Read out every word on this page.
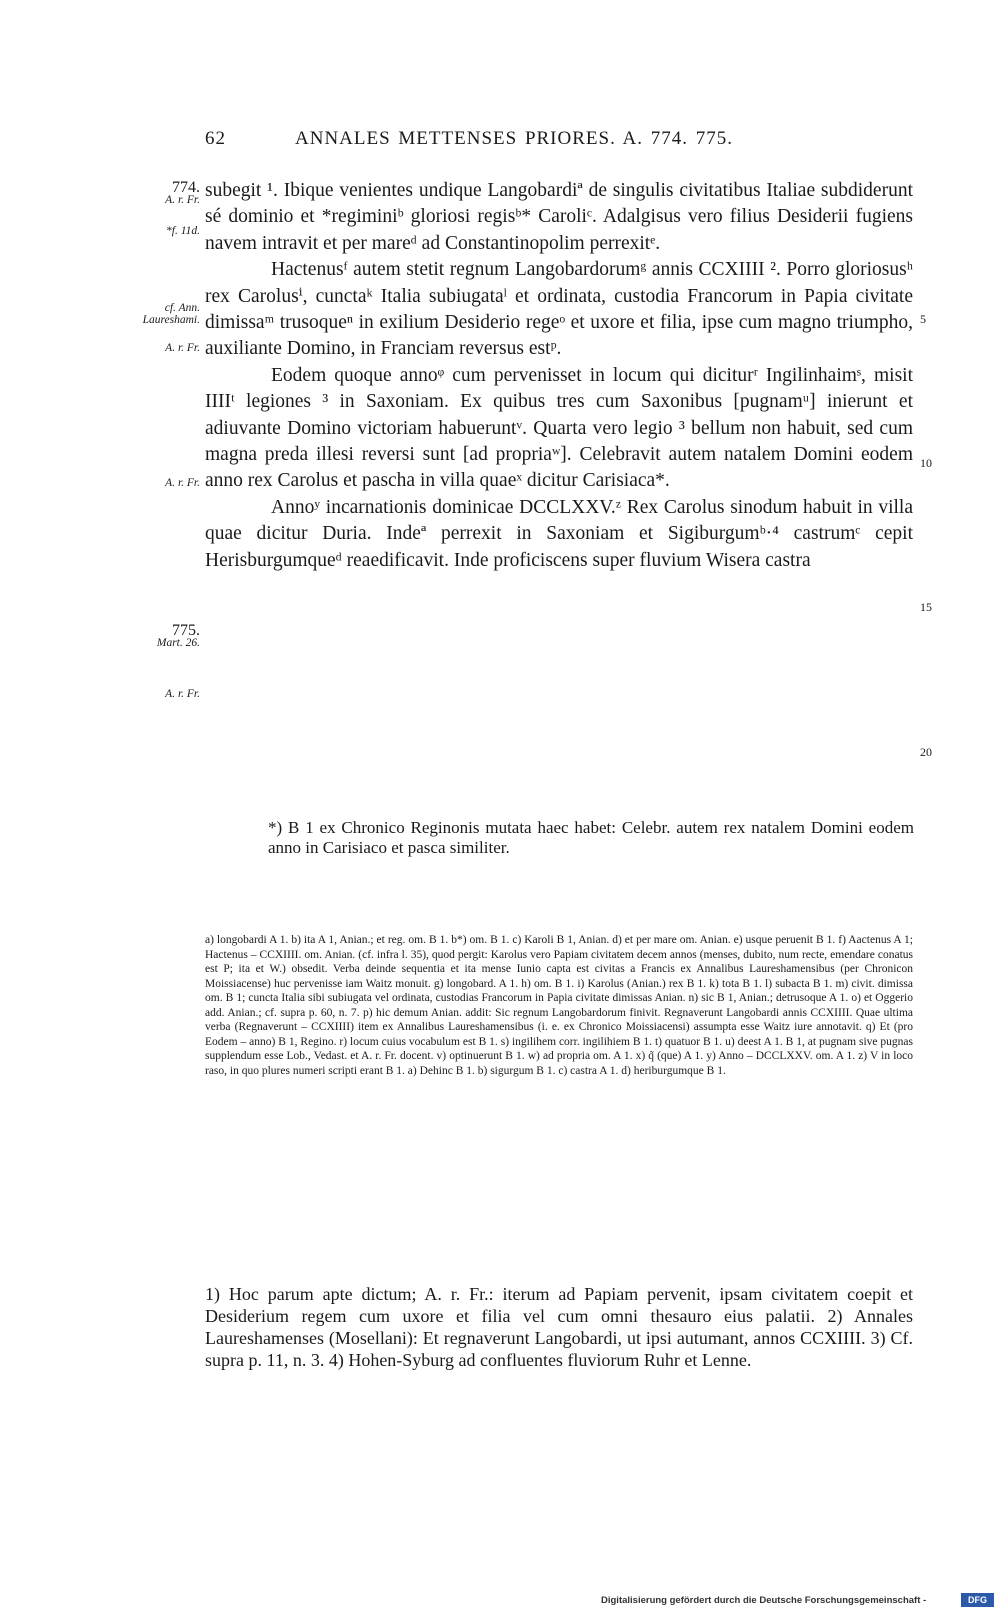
62	ANNALES METTENSES PRIORES. A. 774. 775.
774.
A. r. Fr.
*f. 11d.
cf. Ann. Laureshami.
A. r. Fr.
A. r. Fr.
775.
Mart. 26.
A. r. Fr.
5
10
15
20

subegit ¹. Ibique venientes undique Langobardiª de singulis civitatibus Italiae subdiderunt sé dominio et *regiminiᵇ gloriosi regisᵇ* Caroliᶜ. Adalgisus vero filius Desiderii fugiens navem intravit et per mareᵈ ad Constantinopolim perrexitᵉ.

Hactenusᶠ autem stetit regnum Langobardorumᵍ annis CCXIIII ². Porro gloriosusʰ rex Carolusⁱ, cunctaᵏ Italia subiugataˡ et ordinata, custodia Francorum in Papia civitate dimissaᵐ trusoqueⁿ in exilium Desiderio regeᵒ et uxore et filia, ipse cum magno triumpho, auxiliante Domino, in Franciam reversus estᵖ.

Eodem quoque annoᵠ cum pervenisset in locum qui diciturʳ Ingilinhaimˢ, misit IIIIᵗ legiones ³ in Saxoniam. Ex quibus tres cum Saxonibus [pugnamᵘ] inierunt et adiuvante Domino victoriam habueruntᵛ. Quarta vero legio ³ bellum non habuit, sed cum magna preda illesi reversi sunt [ad propriaʷ]. Celebravit autem natalem Domini eodem anno rex Carolus et pascha in villa quaeˣ dicitur Carisiaca*.

Annoʸ incarnationis dominicae DCCLXXV.ᶻ Rex Carolus sinodum habuit in villa quae dicitur Duria. Indeª perrexit in Saxoniam et Sigiburgumᵇ·⁴ castrumᶜ cepit Herisburgumqueᵈ reaedificavit. Inde proficiscens super fluvium Wisera castra

*) B 1 ex Chronico Reginonis mutata haec habet: Celebr. autem rex natalem Domini eodem anno in Carisiaco et pasca similiter.
a) longobardi A 1. b) ita A 1, Anian.; et reg. om. B 1. b*) om. B 1. c) Karoli B 1, Anian. d) et per mare om. Anian. e) usque peruenit B 1. f) Aactenus A 1; Hactenus – CCXIIII. om. Anian. (cf. infra l. 35), quod pergit: Karolus vero Papiam civitatem decem annos (menses, dubito, num recte, emendare conatus est P; ita et W.) obsedit. Verba deinde sequentia et ita mense Iunio capta est civitas a Francis ex Annalibus Laureshamensibus (per Chronicon Moissiacense) huc pervenisse iam Waitz monuit. g) longobard. A 1. h) om. B 1. i) Karolus (Anian.) rex B 1. k) tota B 1. l) subacta B 1. m) civit. dimissa om. B 1; cuncta Italia sibi subiugata vel ordinata, custodias Francorum in Papia civitate dimissas Anian. n) sic B 1, Anian.; detrusoque A 1. o) et Oggerio add. Anian.; cf. supra p. 60, n. 7. p) hic demum Anian. addit: Sic regnum Langobardorum finivit. Regnaverunt Langobardi annis CCXIIII. Quae ultima verba (Regnaverunt – CCXIIII) item ex Annalibus Laureshamensibus (i. e. ex Chronico Moissiacensi) assumpta esse Waitz iure annotavit. q) Et (pro Eodem – anno) B 1, Regino. r) locum cuius vocabulum est B 1. s) ingilihem corr. ingilihiem B 1. t) quatuor B 1. u) deest A 1. B 1, at pugnam sive pugnas supplendum esse Lob., Vedast. et A. r. Fr. docent. v) optinuerunt B 1. w) ad propria om. A 1. x) q̃ (que) A 1. y) Anno – DCCLXXV. om. A 1. z) V in loco raso, in quo plures numeri scripti erant B 1. a) Dehinc B 1. b) sigurgum B 1. c) castra A 1. d) heriburgumque B 1.
1) Hoc parum apte dictum; A. r. Fr.: iterum ad Papiam pervenit, ipsam civitatem coepit et Desiderium regem cum uxore et filia vel cum omni thesauro eius palatii. 2) Annales Laureshamenses (Mosellani): Et regnaverunt Langobardi, ut ipsi autumant, annos CCXIIII. 3) Cf. supra p. 11, n. 3. 4) Hohen-Syburg ad confluentes fluviorum Ruhr et Lenne.
Digitalisierung gefördert durch die Deutsche Forschungsgemeinschaft -	DFG
